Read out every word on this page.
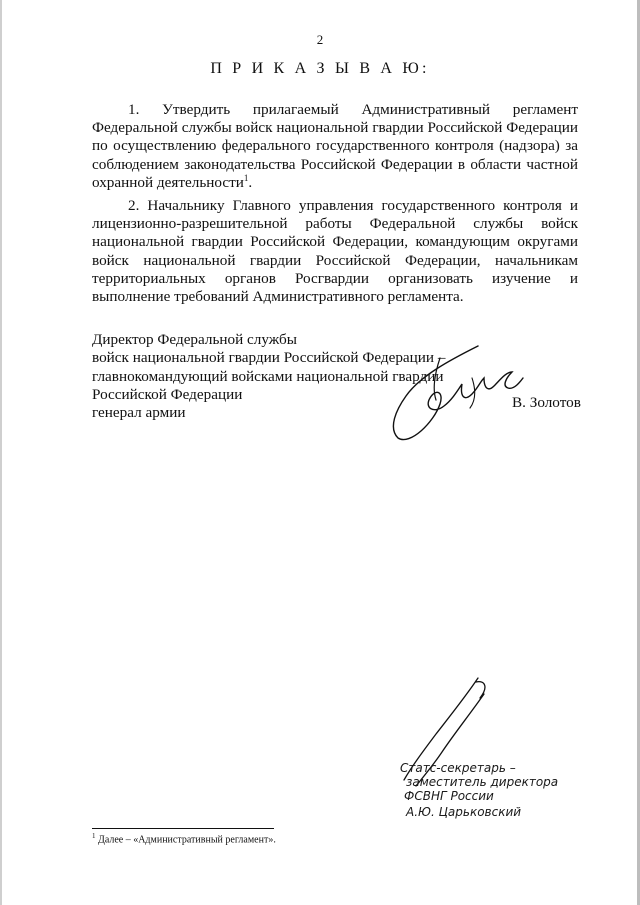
2
П Р И К А З Ы В А Ю:
1. Утвердить прилагаемый Административный регламент Федеральной службы войск национальной гвардии Российской Федерации по осуществлению федерального государственного контроля (надзора) за соблюдением законодательства Российской Федерации в области частной охранной деятельности$^1$.
2. Начальнику Главного управления государственного контроля и лицензионно-разрешительной работы Федеральной службы войск национальной гвардии Российской Федерации, командующим округами войск национальной гвардии Российской Федерации, начальникам территориальных органов Росгвардии организовать изучение и выполнение требований Административного регламента.
Директор Федеральной службы
войск национальной гвардии Российской Федерации –
главнокомандующий войсками национальной гвардии
Российской Федерации
генерал армии
В. Золотов
Статс-секретарь –
заместитель директора
ФСВНГ России
А.Ю. Царьковский
$^1$ Далее – «Административный регламент».
